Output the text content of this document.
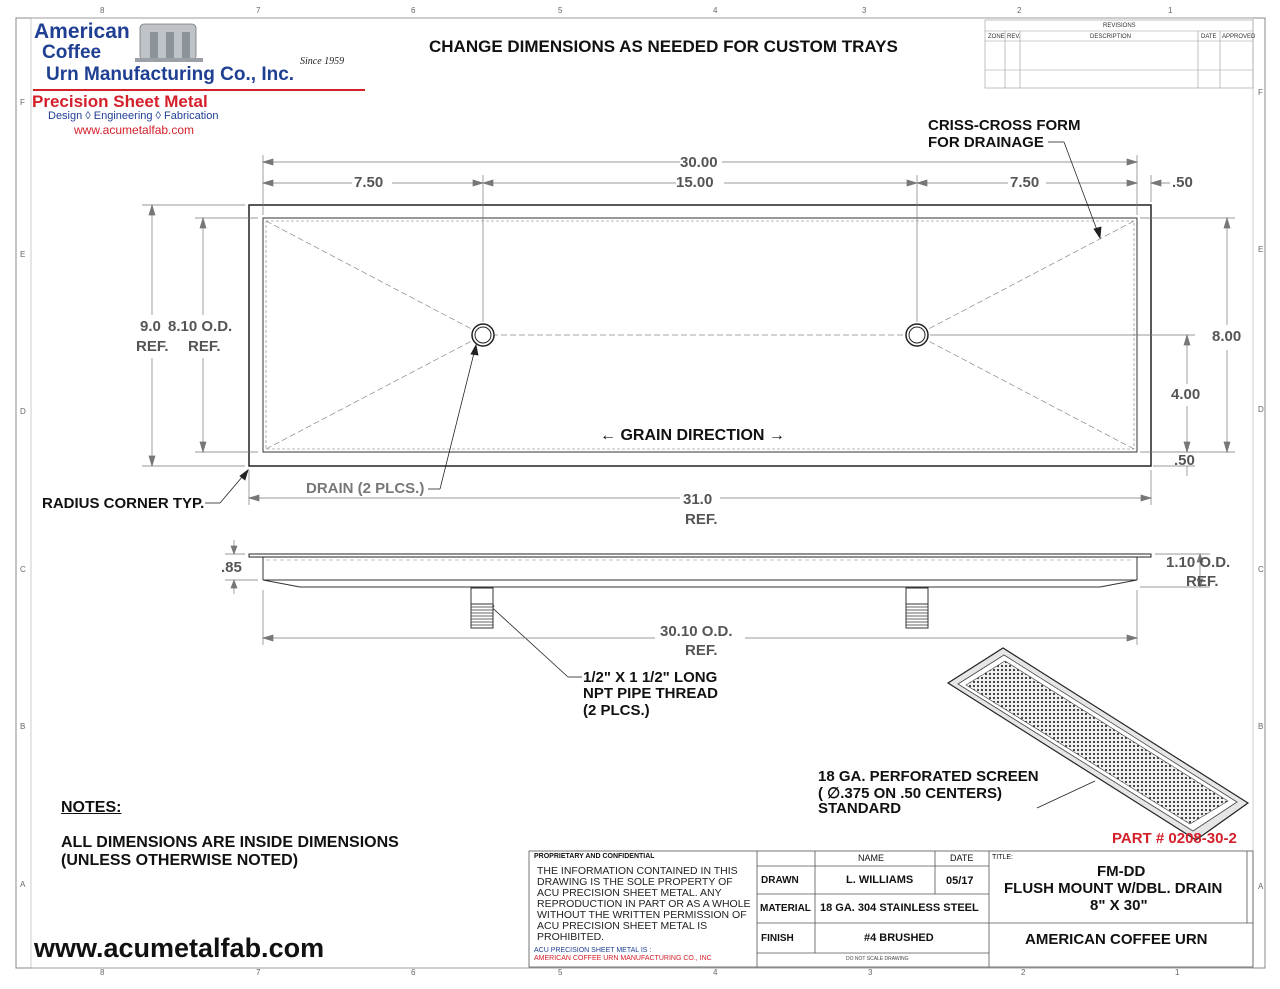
8	7	6	5	4	3	2	1
8	7	6	5	4	3	2	1
F
E
D
C
B
A
F
E
D
C
B
A
American
Coffee
Urn Manufacturing Co., Inc.
Since 1959
Precision Sheet Metal
Design ◊ Engineering ◊ Fabrication
www.acumetalfab.com
CHANGE DIMENSIONS AS NEEDED FOR CUSTOM TRAYS
REVISIONS
ZONE REV.	DESCRIPTION	DATE APPROVED
CRISS-CROSS FORM
FOR DRAINAGE
RADIUS CORNER TYP.
DRAIN (2 PLCS.)
← GRAIN DIRECTION →
1/2" X 1 1/2" LONG
NPT PIPE THREAD
(2 PLCS.)
18 GA. PERFORATED SCREEN
( ∅.375 ON .50 CENTERS)
STANDARD
30.00
15.00
7.50	7.50	.50
9.0
REF.
8.10 O.D.
REF.
8.00
4.00
.50
31.0
REF.
.85	1.10 O.D.
REF.
30.10 O.D.
REF.
NOTES:
ALL DIMENSIONS ARE INSIDE DIMENSIONS
(UNLESS OTHERWISE NOTED)
www.acumetalfab.com
PART # 0208-30-2
PROPRIETARY AND CONFIDENTIAL
THE INFORMATION CONTAINED IN THIS
DRAWING IS THE SOLE PROPERTY OF
ACU PRECISION SHEET METAL. ANY
REPRODUCTION IN PART OR AS A WHOLE
WITHOUT THE WRITTEN PERMISSION OF
ACU PRECISION SHEET METAL IS
PROHIBITED.
ACU PRECISION SHEET METAL IS :
AMERICAN COFFEE URN MANUFACTURING CO., INC
NAME	DATE
DRAWN	L. WILLIAMS	05/17
MATERIAL 18 GA. 304 STAINLESS STEEL
FINISH	#4 BRUSHED
DO NOT SCALE DRAWING
TITLE:
FM-DD
FLUSH MOUNT W/DBL. DRAIN
8" X 30"
AMERICAN COFFEE URN
